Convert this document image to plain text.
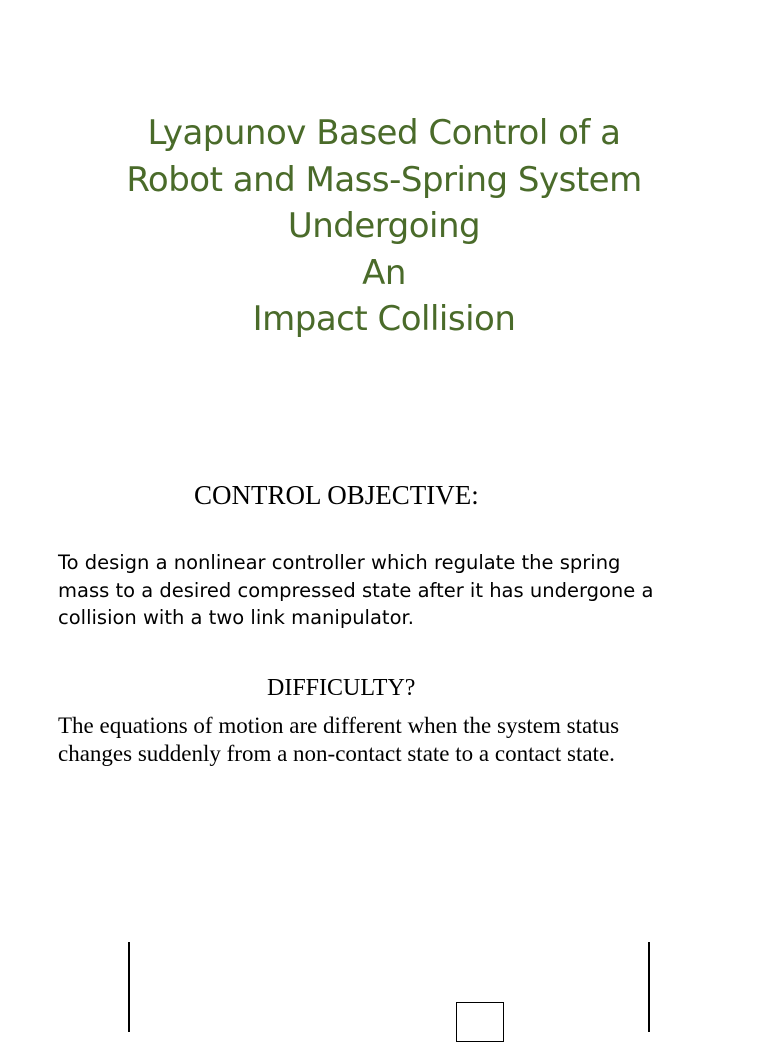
Lyapunov Based Control of a
Robot and Mass-Spring System
Undergoing
An
Impact Collision
CONTROL OBJECTIVE:
To design a nonlinear controller which regulate the spring
mass to a desired compressed state after it has undergone a
collision with a two link manipulator.
DIFFICULTY?
The equations of motion are different when the system status
changes suddenly from a non-contact state to a contact state.
